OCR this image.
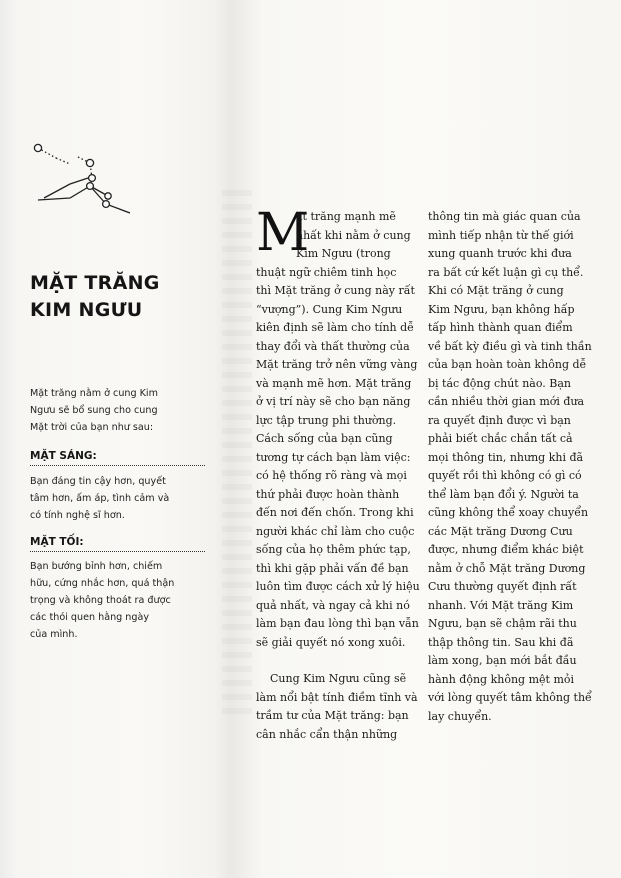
MẶT TRĂNG
KIM NGƯU
Mặt trăng nằm ở cung Kim
Ngưu sẽ bổ sung cho cung
Mặt trời của bạn như sau:
MẶT SÁNG:
Bạn đáng tin cậy hơn, quyết
tâm hơn, ấm áp, tình cảm và
có tính nghệ sĩ hơn.
MẶT TỐI:
Bạn bướng bỉnh hơn, chiếm
hữu, cứng nhắc hơn, quá thận
trọng và không thoát ra được
các thói quen hằng ngày
của mình.
M
ặt trăng mạnh mẽ
nhất khi nằm ở cung
Kim Ngưu (trong
thuật ngữ chiêm tinh học
thì Mặt trăng ở cung này rất
“vượng”). Cung Kim Ngưu
kiên định sẽ làm cho tính dễ
thay đổi và thất thường của
Mặt trăng trở nên vững vàng
và mạnh mẽ hơn. Mặt trăng
ở vị trí này sẽ cho bạn năng
lực tập trung phi thường.
Cách sống của bạn cũng
tương tự cách bạn làm việc:
có hệ thống rõ ràng và mọi
thứ phải được hoàn thành
đến nơi đến chốn. Trong khi
người khác chỉ làm cho cuộc
sống của họ thêm phức tạp,
thì khi gặp phải vấn đề bạn
luôn tìm được cách xử lý hiệu
quả nhất, và ngay cả khi nó
làm bạn đau lòng thì bạn vẫn
sẽ giải quyết nó xong xuôi.
Cung Kim Ngưu cũng sẽ
làm nổi bật tính điềm tĩnh và
trầm tư của Mặt trăng: bạn
cân nhắc cẩn thận những
thông tin mà giác quan của
mình tiếp nhận từ thế giới
xung quanh trước khi đưa
ra bất cứ kết luận gì cụ thể.
Khi có Mặt trăng ở cung
Kim Ngưu, bạn không hấp
tấp hình thành quan điểm
về bất kỳ điều gì và tinh thần
của bạn hoàn toàn không dễ
bị tác động chút nào. Bạn
cần nhiều thời gian mới đưa
ra quyết định được vì bạn
phải biết chắc chắn tất cả
mọi thông tin, nhưng khi đã
quyết rồi thì không có gì có
thể làm bạn đổi ý. Người ta
cũng không thể xoay chuyển
các Mặt trăng Dương Cưu
được, nhưng điểm khác biệt
nằm ở chỗ Mặt trăng Dương
Cưu thường quyết định rất
nhanh. Với Mặt trăng Kim
Ngưu, bạn sẽ chậm rãi thu
thập thông tin. Sau khi đã
làm xong, bạn mới bắt đầu
hành động không mệt mỏi
với lòng quyết tâm không thể
lay chuyển.
